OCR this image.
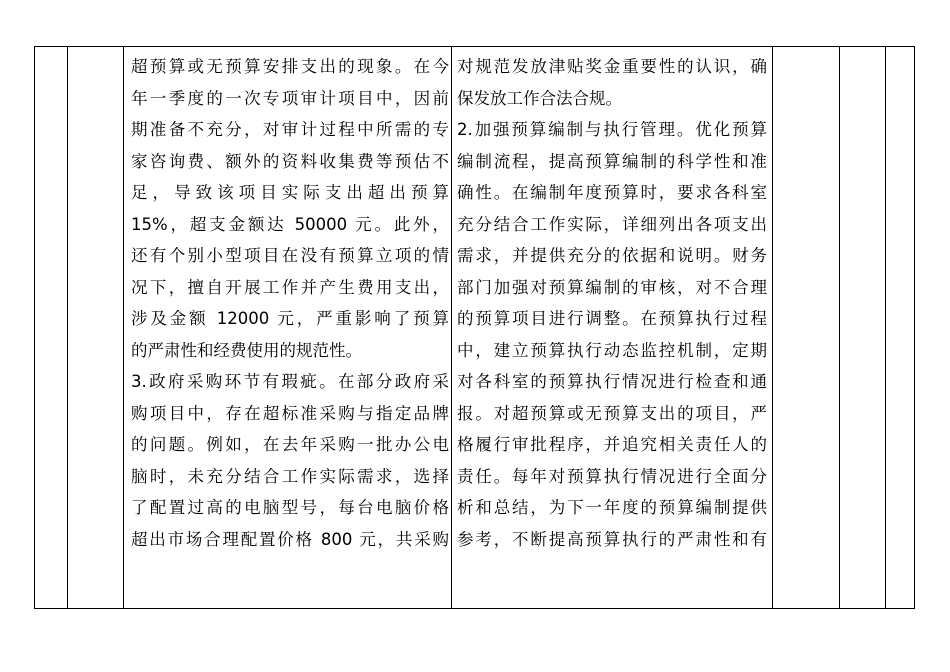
超预算或无预算安排支出的现象。在今
年一季度的一次专项审计项目中，因前
期准备不充分，对审计过程中所需的专
家咨询费、额外的资料收集费等预估不
足，导致该项目实际支出超出预算
15%，超支金额达 50000 元。此外，
还有个别小型项目在没有预算立项的情
况下，擅自开展工作并产生费用支出，
涉及金额 12000 元，严重影响了预算
的严肃性和经费使用的规范性。
3.政府采购环节有瑕疵。在部分政府采
购项目中，存在超标准采购与指定品牌
的问题。例如，在去年采购一批办公电
脑时，未充分结合工作实际需求，选择
了配置过高的电脑型号，每台电脑价格
超出市场合理配置价格 800 元，共采购
对规范发放津贴奖金重要性的认识，确
保发放工作合法合规。
2.加强预算编制与执行管理。优化预算
编制流程，提高预算编制的科学性和准
确性。在编制年度预算时，要求各科室
充分结合工作实际，详细列出各项支出
需求，并提供充分的依据和说明。财务
部门加强对预算编制的审核，对不合理
的预算项目进行调整。在预算执行过程
中，建立预算执行动态监控机制，定期
对各科室的预算执行情况进行检查和通
报。对超预算或无预算支出的项目，严
格履行审批程序，并追究相关责任人的
责任。每年对预算执行情况进行全面分
析和总结，为下一年度的预算编制提供
参考，不断提高预算执行的严肃性和有
